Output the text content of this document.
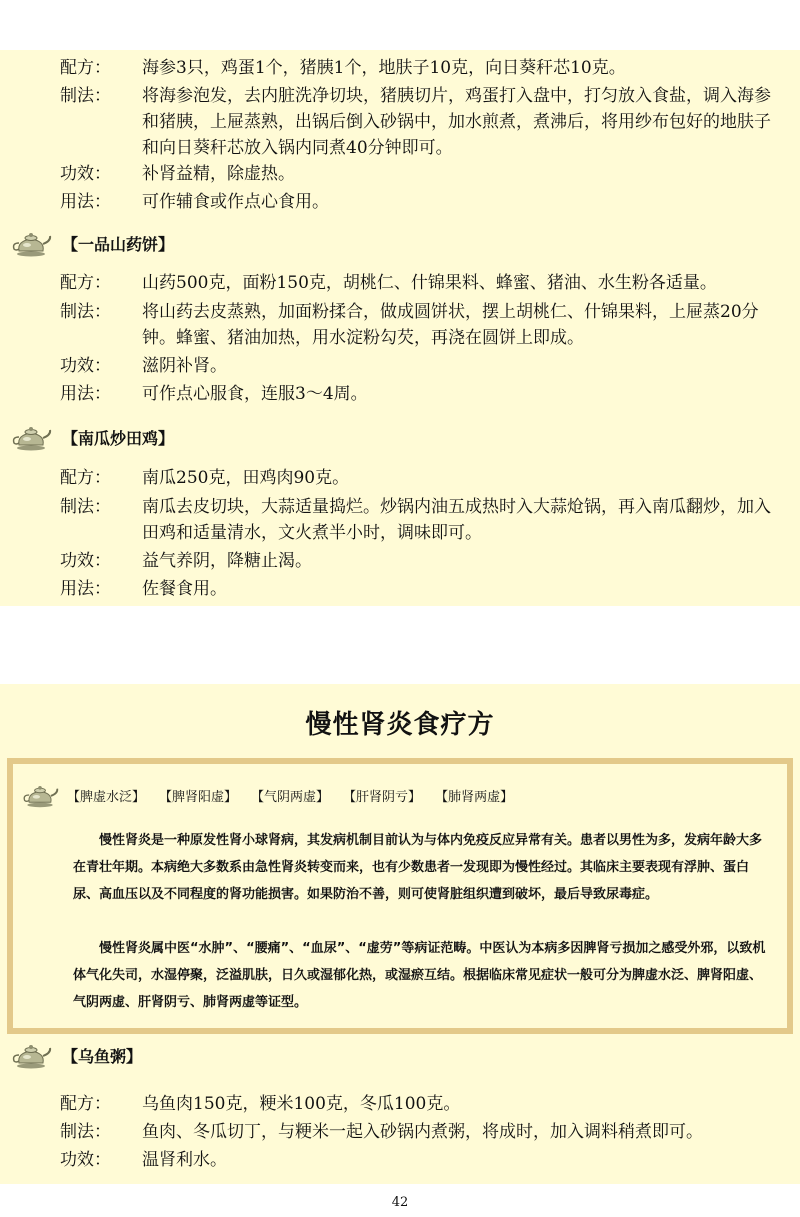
配方：	海参3只，鸡蛋1个，猪胰1个，地肤子10克，向日葵秆芯10克。
制法：	将海参泡发，去内脏洗净切块，猪胰切片，鸡蛋打入盘中，打匀放入食盐，调入海参和猪胰，上屉蒸熟，出锅后倒入砂锅中，加水煎煮，煮沸后，将用纱布包好的地肤子和向日葵秆芯放入锅内同煮40分钟即可。
功效：	补肾益精，除虚热。
用法：	可作辅食或作点心食用。
【一品山药饼】
配方：	山药500克，面粉150克，胡桃仁、什锦果料、蜂蜜、猪油、水生粉各适量。
制法：	将山药去皮蒸熟，加面粉揉合，做成圆饼状，摆上胡桃仁、什锦果料，上屉蒸20分钟。蜂蜜、猪油加热，用水淀粉勾芡，再浇在圆饼上即成。
功效：	滋阴补肾。
用法：	可作点心服食，连服3～4周。
【南瓜炒田鸡】
配方：	南瓜250克，田鸡肉90克。
制法：	南瓜去皮切块，大蒜适量捣烂。炒锅内油五成热时入大蒜炝锅，再入南瓜翻炒，加入田鸡和适量清水，文火煮半小时，调味即可。
功效：	益气养阴，降糖止渴。
用法：	佐餐食用。
慢性肾炎食疗方
【脾虚水泛】 【脾肾阳虚】 【气阴两虚】 【肝肾阴亏】 【肺肾两虚】

慢性肾炎是一种原发性肾小球肾病，其发病机制目前认为与体内免疫反应异常有关。患者以男性为多，发病年龄大多在青壮年期。本病绝大多数系由急性肾炎转变而来，也有少数患者一发现即为慢性经过。其临床主要表现有浮肿、蛋白尿、高血压以及不同程度的肾功能损害。如果防治不善，则可使肾脏组织遭到破坏，最后导致尿毒症。

慢性肾炎属中医“水肿”、“腰痛”、“血尿”、“虚劳”等病证范畴。中医认为本病多因脾肾亏损加之感受外邪，以致机体气化失司，水湿停聚，泛溢肌肤，日久或湿郁化热，或湿瘀互结。根据临床常见症状一般可分为脾虚水泛、脾肾阳虚、气阴两虚、肝肾阴亏、肺肾两虚等证型。

【乌鱼粥】
配方：	乌鱼肉150克，粳米100克，冬瓜100克。
制法：	鱼肉、冬瓜切丁，与粳米一起入砂锅内煮粥，将成时，加入调料稍煮即可。
功效：	温肾利水。
42
